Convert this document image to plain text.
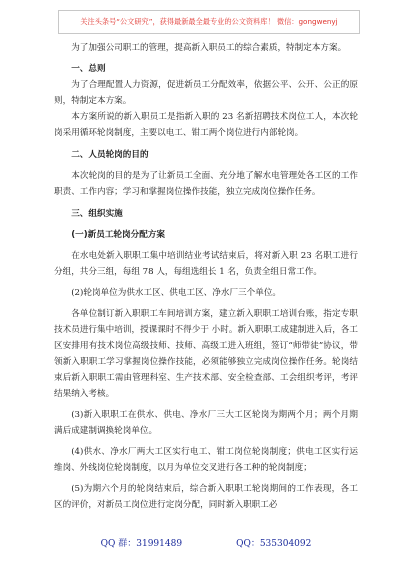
关注头条号“公文研究”，获得最新最全最专业的公文资料库！ 微信：gongwenyj

为了加强公司职工的管理，提高新入职员工的综合素质，特制定本方案。

一、总则

为了合理配置人力资源，促进新员工分配效率，依据公平、公开、公正的原则，特制定本方案。

本方案所说的新入职员工是指新入职的 23 名新招聘技术岗位工人，本次轮岗采用循环轮岗制度，主要以电工、钳工两个岗位进行内部轮岗。

二、人员轮岗的目的

本次轮岗的目的是为了让新员工全面、充分地了解水电管理处各工区的工作职责、工作内容；学习和掌握岗位操作技能，独立完成岗位操作任务。

三、组织实施
(一)新员工轮岗分配方案

在水电处新入职职工集中培训结业考试结束后，将对新入职 23 名职工进行分组，共分三组，每组 78 人，每组选组长 1 名，负责全组日常工作。

(2)轮岗单位为供水工区、供电工区、净水厂三个单位。

各单位制订新入职职工车间培训方案，建立新入职职工培训台账，指定专职技术员进行集中培训，授课课时不得少于 小时。新入职职工成建制进入后，各工区安排用有技术岗位高级技师、技师、高级工进入班组，签订“师带徒”协议，带领新入职职工学习掌握岗位操作技能，必须能够独立完成岗位操作任务。轮岗结束后新入职职工需由管理科室、生产技术部、安全检查部、工会组织考评，考评结果纳入考核。

(3)新入职职工在供水、供电、净水厂三大工区轮岗为期两个月；两个月期满后成建制调换轮岗单位。

(4)供水、净水厂两大工区实行电工、钳工岗位轮岗制度；供电工区实行运维岗、外线岗位轮岗制度，以月为单位交叉进行各工种的轮岗制度；

(5)为期六个月的轮岗结束后，综合新入职职工轮岗期间的工作表现，各工区的评价，对新员工岗位进行定岗分配，同时新入职职工必

QQ 群：31991489	QQ：535304092
